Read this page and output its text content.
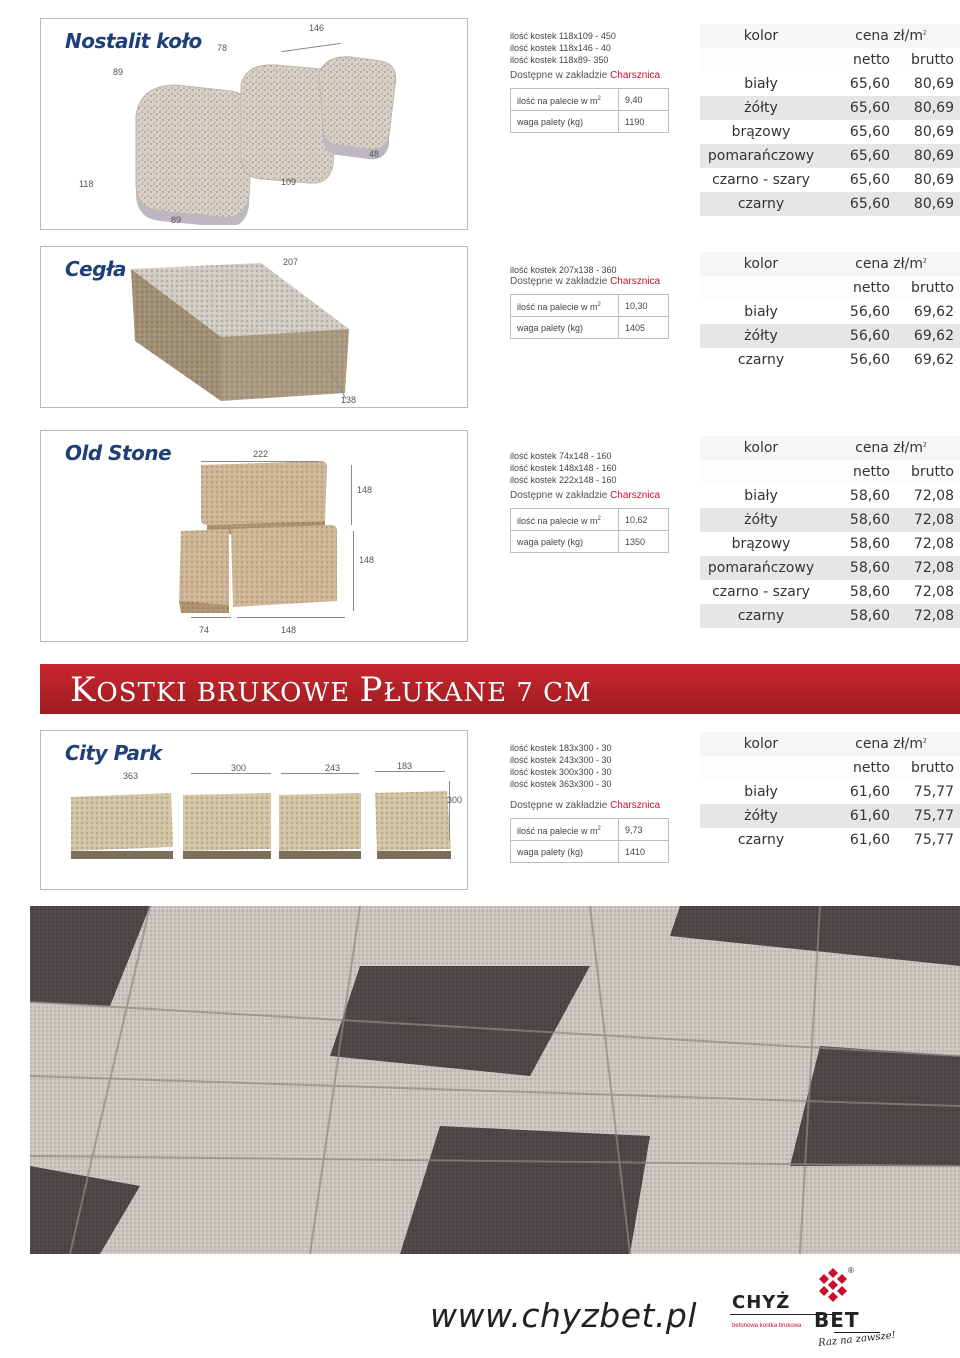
Nostalit koło
146
78
89
48
118	109
89
ilość kostek 118x109 - 450
ilość kostek 118x146 - 40
ilość kostek 118x89- 350
Dostępne w zakładzie Charsznica
ilość na palecie w $m^2$	9,40
waga palety (kg)	1190
kolor	cena $zł/m^2$
netto	brutto
biały	65,60	80,69
żółty	65,60	80,69
brązowy	65,60	80,69
pomarańczowy	65,60	80,69
czarno - szary	65,60	80,69
czarny	65,60	80,69
Cegła	207
138
ilość kostek 207x138 - 360
Dostępne w zakładzie Charsznica
ilość na palecie w $m^2$	10,30
waga palety (kg)	1405
kolor	cena $zł/m^2$
netto	brutto
biały	56,60	69,62
żółty	56,60	69,62
czarny	56,60	69,62
Old Stone	222
148
148
74	148
ilość kostek 74x148 - 160
ilość kostek 148x148 - 160
ilość kostek 222x148 - 160
Dostępne w zakładzie Charsznica
ilość na palecie w $m^2$	10,62
waga palety (kg)	1350
kolor	cena $zł/m^2$
netto	brutto
biały	58,60	72,08
żółty	58,60	72,08
brązowy	58,60	72,08
pomarańczowy	58,60	72,08
czarno - szary	58,60	72,08
czarny	58,60	72,08
KOSTKI BRUKOWE PŁUKANE 7 CM
City Park
363
300	243	183
300
ilość kostek 183x300 - 30
ilość kostek 243x300 - 30
ilość kostek 300x300 - 30
ilość kostek 363x300 - 30
Dostępne w zakładzie Charsznica
ilość na palecie w $m^2$	9,73
waga palety (kg)	1410
kolor	cena $zł/m^2$
netto	brutto
biały	61,60	75,77
żółty	61,60	75,77
czarny	61,60	75,77
www.chyzbet.pl
®
CHYŻ
BET
betonowa kostka brukowa
Raz na zawsze!
